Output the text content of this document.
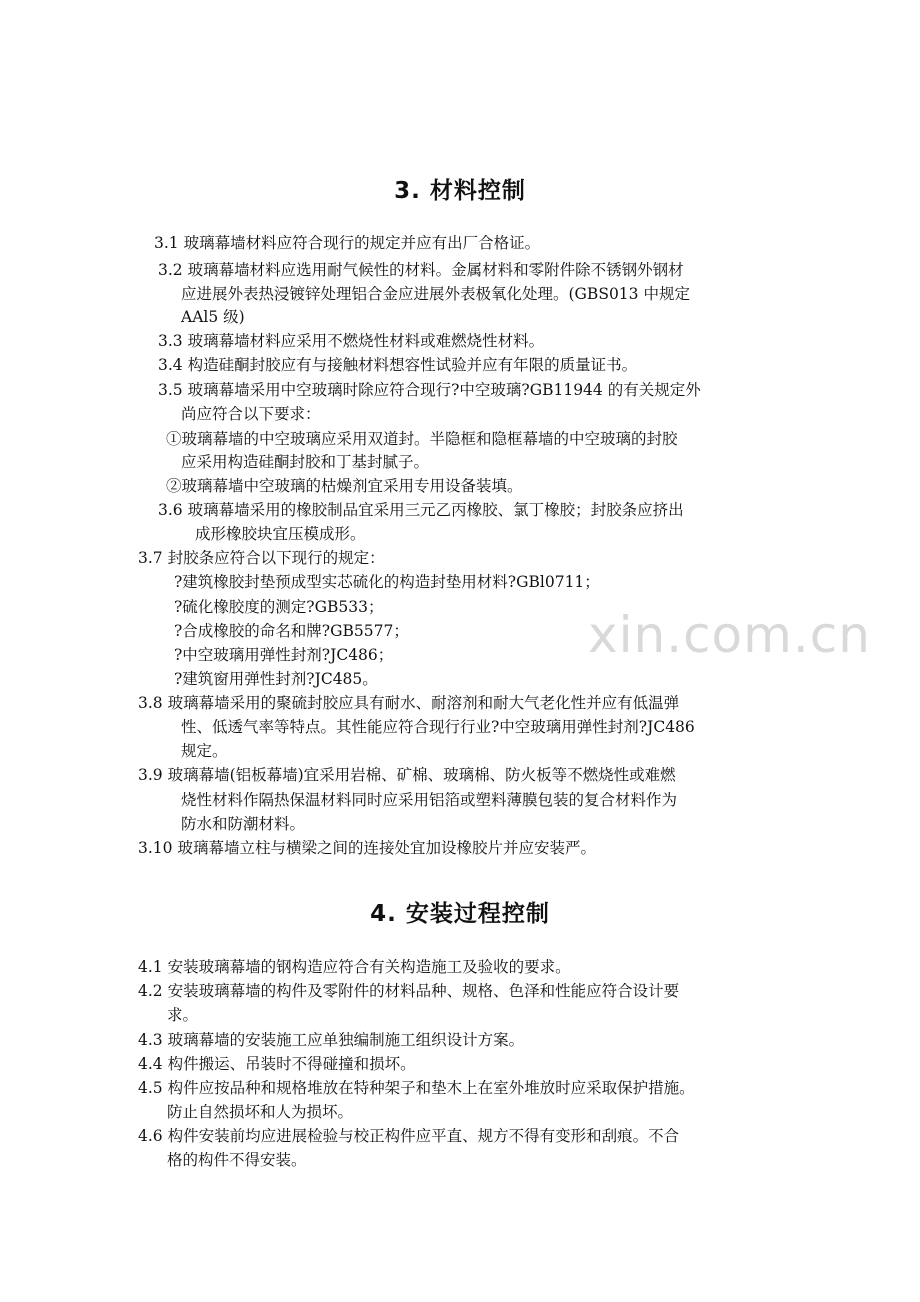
xin.com.cn
3. 材料控制
3.1 玻璃幕墙材料应符合现行的规定并应有出厂合格证。
3.2 玻璃幕墙材料应选用耐气候性的材料。金属材料和零附件除不锈钢外钢材
应进展外表热浸镀锌处理铝合金应进展外表极氧化处理。(GBS013 中规定
AAl5 级)
3.3 玻璃幕墙材料应采用不燃烧性材料或难燃烧性材料。
3.4 构造硅酮封胶应有与接触材料想容性试验并应有年限的质量证书。
3.5 玻璃幕墙采用中空玻璃时除应符合现行?中空玻璃?GB11944 的有关规定外
尚应符合以下要求：
①玻璃幕墙的中空玻璃应采用双道封。半隐框和隐框幕墙的中空玻璃的封胶
应采用构造硅酮封胶和丁基封腻子。
②玻璃幕墙中空玻璃的枯燥剂宜采用专用设备装填。
3.6 玻璃幕墙采用的橡胶制品宜采用三元乙丙橡胶、氯丁橡胶；封胶条应挤出
成形橡胶块宜压模成形。
3.7 封胶条应符合以下现行的规定：
?建筑橡胶封垫预成型实芯硫化的构造封垫用材料?GBl0711；
?硫化橡胶度的测定?GB533；
?合成橡胶的命名和牌?GB5577；
?中空玻璃用弹性封剂?JC486；
?建筑窗用弹性封剂?JC485。
3.8 玻璃幕墙采用的聚硫封胶应具有耐水、耐溶剂和耐大气老化性并应有低温弹
性、低透气率等特点。其性能应符合现行行业?中空玻璃用弹性封剂?JC486
规定。
3.9 玻璃幕墙(铝板幕墙)宜采用岩棉、矿棉、玻璃棉、防火板等不燃烧性或难燃
烧性材料作隔热保温材料同时应采用铝箔或塑料薄膜包装的复合材料作为
防水和防潮材料。
3.10 玻璃幕墙立柱与横梁之间的连接处宜加设橡胶片并应安装严。
4. 安装过程控制
4.1 安装玻璃幕墙的钢构造应符合有关构造施工及验收的要求。
4.2 安装玻璃幕墙的构件及零附件的材料品种、规格、色泽和性能应符合设计要
求。
4.3 玻璃幕墙的安装施工应单独编制施工组织设计方案。
4.4 构件搬运、吊装时不得碰撞和损坏。
4.5 构件应按品种和规格堆放在特种架子和垫木上在室外堆放时应采取保护措施。
防止自然损坏和人为损坏。
4.6 构件安装前均应进展检验与校正构件应平直、规方不得有变形和刮痕。不合
格的构件不得安装。
